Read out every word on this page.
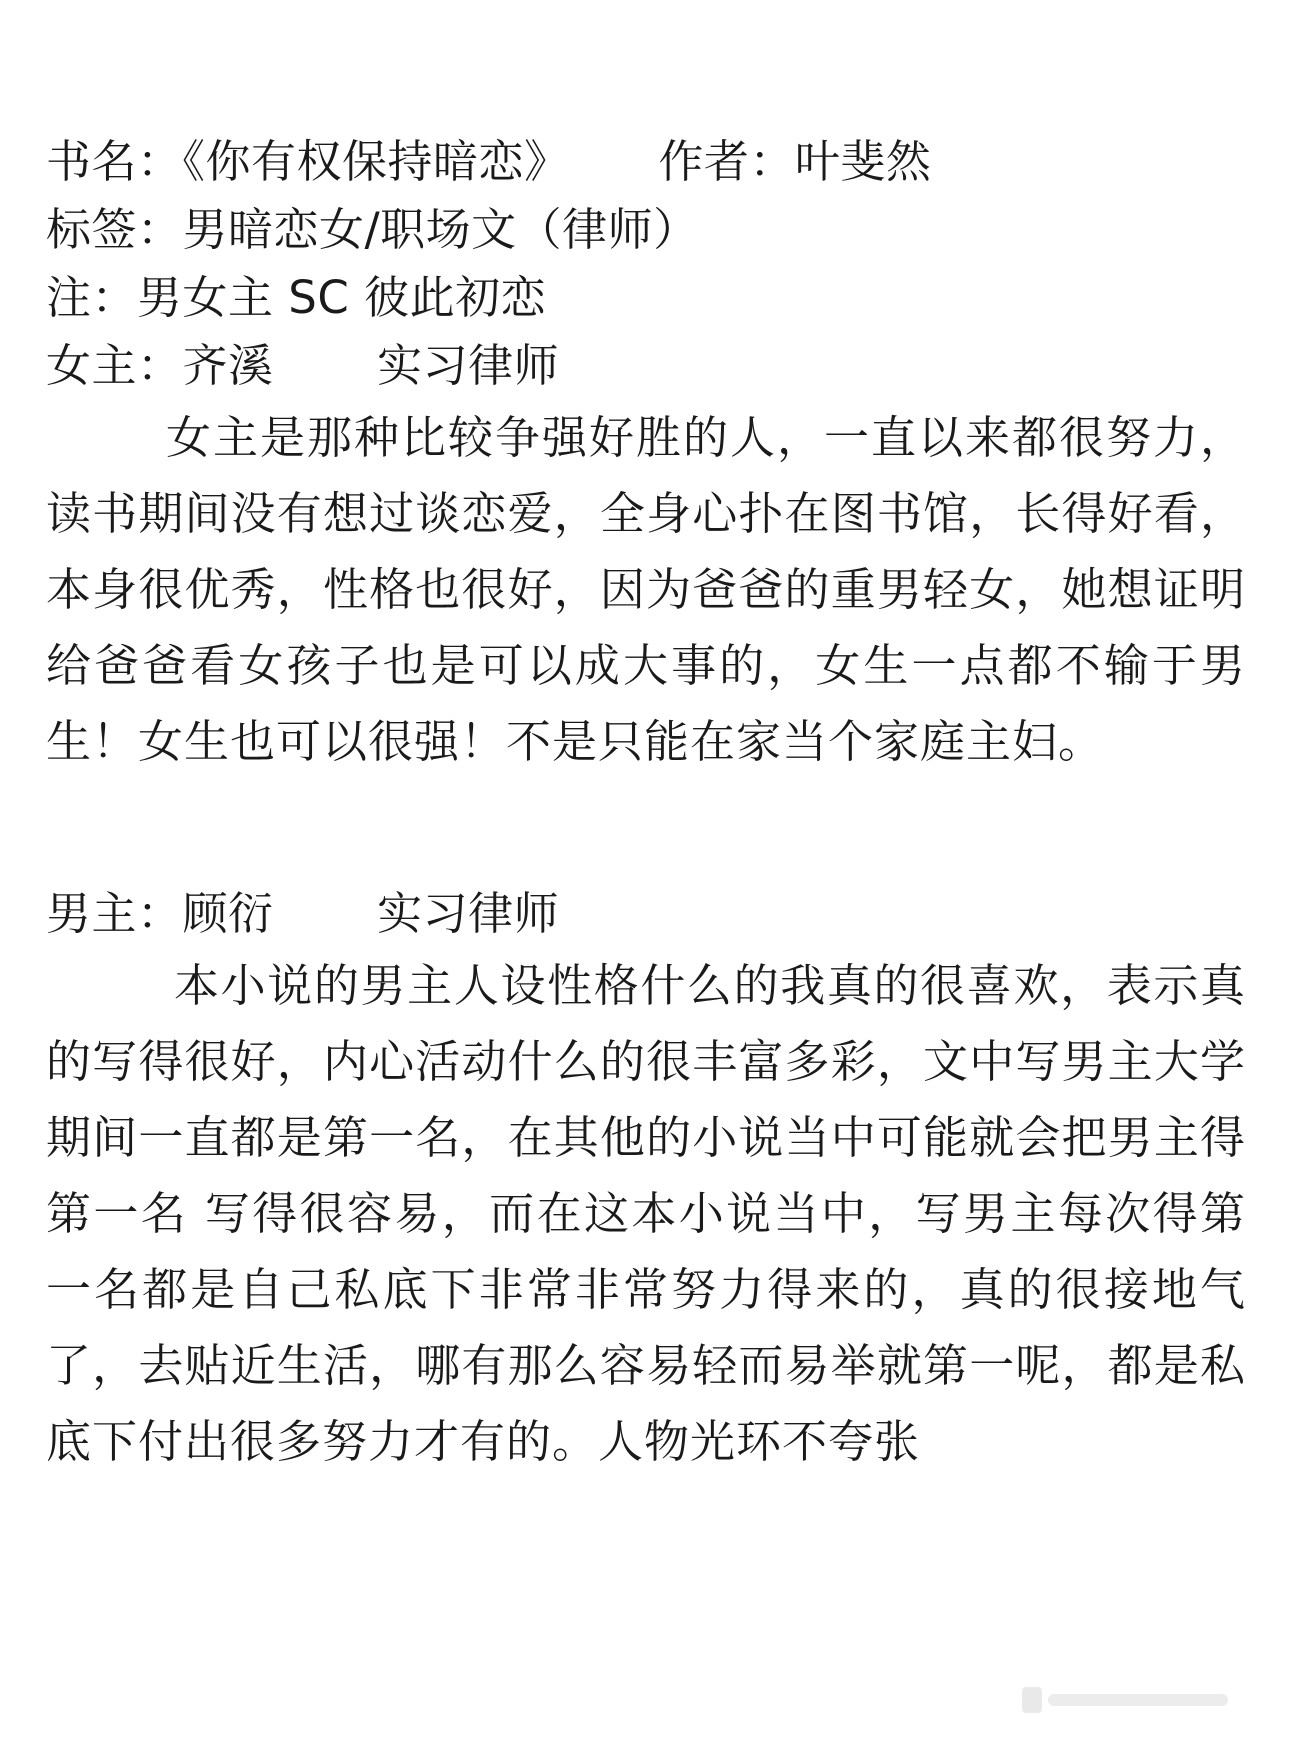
书名：《你有权保持暗恋》      作者：叶斐然

标签：男暗恋女/职场文（律师）

注：男女主 SC 彼此初恋

女主：齐溪       实习律师

女主是那种比较争强好胜的人，一直以来都很努力，读书期间没有想过谈恋爱，全身心扑在图书馆，长得好看，本身很优秀，性格也很好，因为爸爸的重男轻女，她想证明给爸爸看女孩子也是可以成大事的，女生一点都不输于男生！女生也可以很强！不是只能在家当个家庭主妇。

男主：顾衍       实习律师

本小说的男主人设性格什么的我真的很喜欢，表示真的写得很好，内心活动什么的很丰富多彩，文中写男主大学期间一直都是第一名，在其他的小说当中可能就会把男主得第一名 写得很容易，而在这本小说当中，写男主每次得第一名都是自己私底下非常非常努力得来的，真的很接地气了，去贴近生活，哪有那么容易轻而易举就第一呢，都是私底下付出很多努力才有的。人物光环不夸张
